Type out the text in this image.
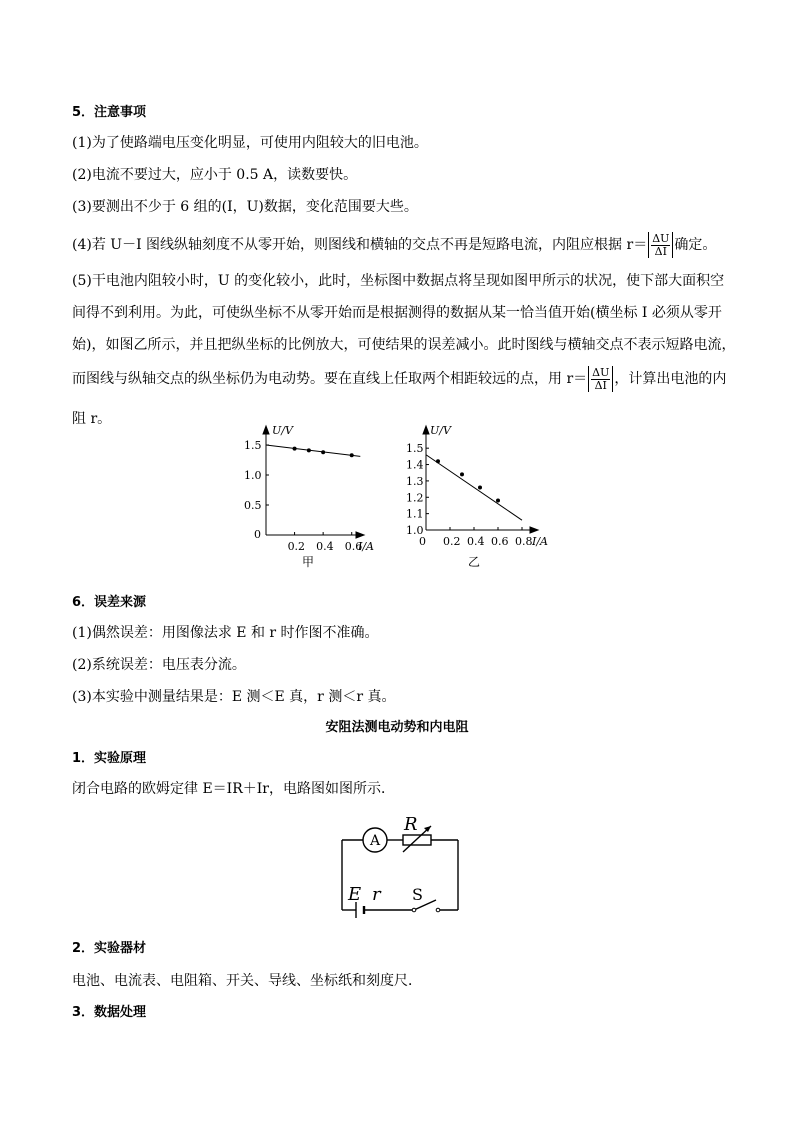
5．注意事项
(1)为了使路端电压变化明显，可使用内阻较大的旧电池。
(2)电流不要过大，应小于 0.5 A，读数要快。
(3)要测出不少于 6 组的(I，U)数据，变化范围要大些。
(4)若 U－I 图线纵轴刻度不从零开始，则图线和横轴的交点不再是短路电流，内阻应根据 $r= \frac{\Delta U}{\Delta I}$ 确定。
(5)干电池内阻较小时，U 的变化较小，此时，坐标图中数据点将呈现如图甲所示的状况，使下部大面积空
间得不到利用。为此，可使纵坐标不从零开始而是根据测得的数据从某一恰当值开始(横坐标 I 必须从零开
始)，如图乙所示，并且把纵坐标的比例放大，可使结果的误差减小。此时图线与横轴交点不表示短路电流，
而图线与纵轴交点的纵坐标仍为电动势。要在直线上任取两个相距较远的点，用 $r= \frac{\Delta U}{\Delta I}$ ，计算出电池的内
阻 r。
U/V
I/A
0
1.5
1.0
0.5
0.2 0.4 0.6
甲
U/V
I/A
1.5
1.4
1.3
1.2
1.1
1.0
0 0.2 0.4 0.6 0.8
乙
6．误差来源
(1)偶然误差：用图像法求 E 和 r 时作图不准确。
(2)系统误差：电压表分流。
(3)本实验中测量结果是：E 测＜E 真，r 测＜r 真。
安阻法测电动势和内电阻
1．实验原理
闭合电路的欧姆定律 E＝IR＋Ir，电路图如图所示．
A
R
E r S
2．实验器材
电池、电流表、电阻箱、开关、导线、坐标纸和刻度尺．
3．数据处理
